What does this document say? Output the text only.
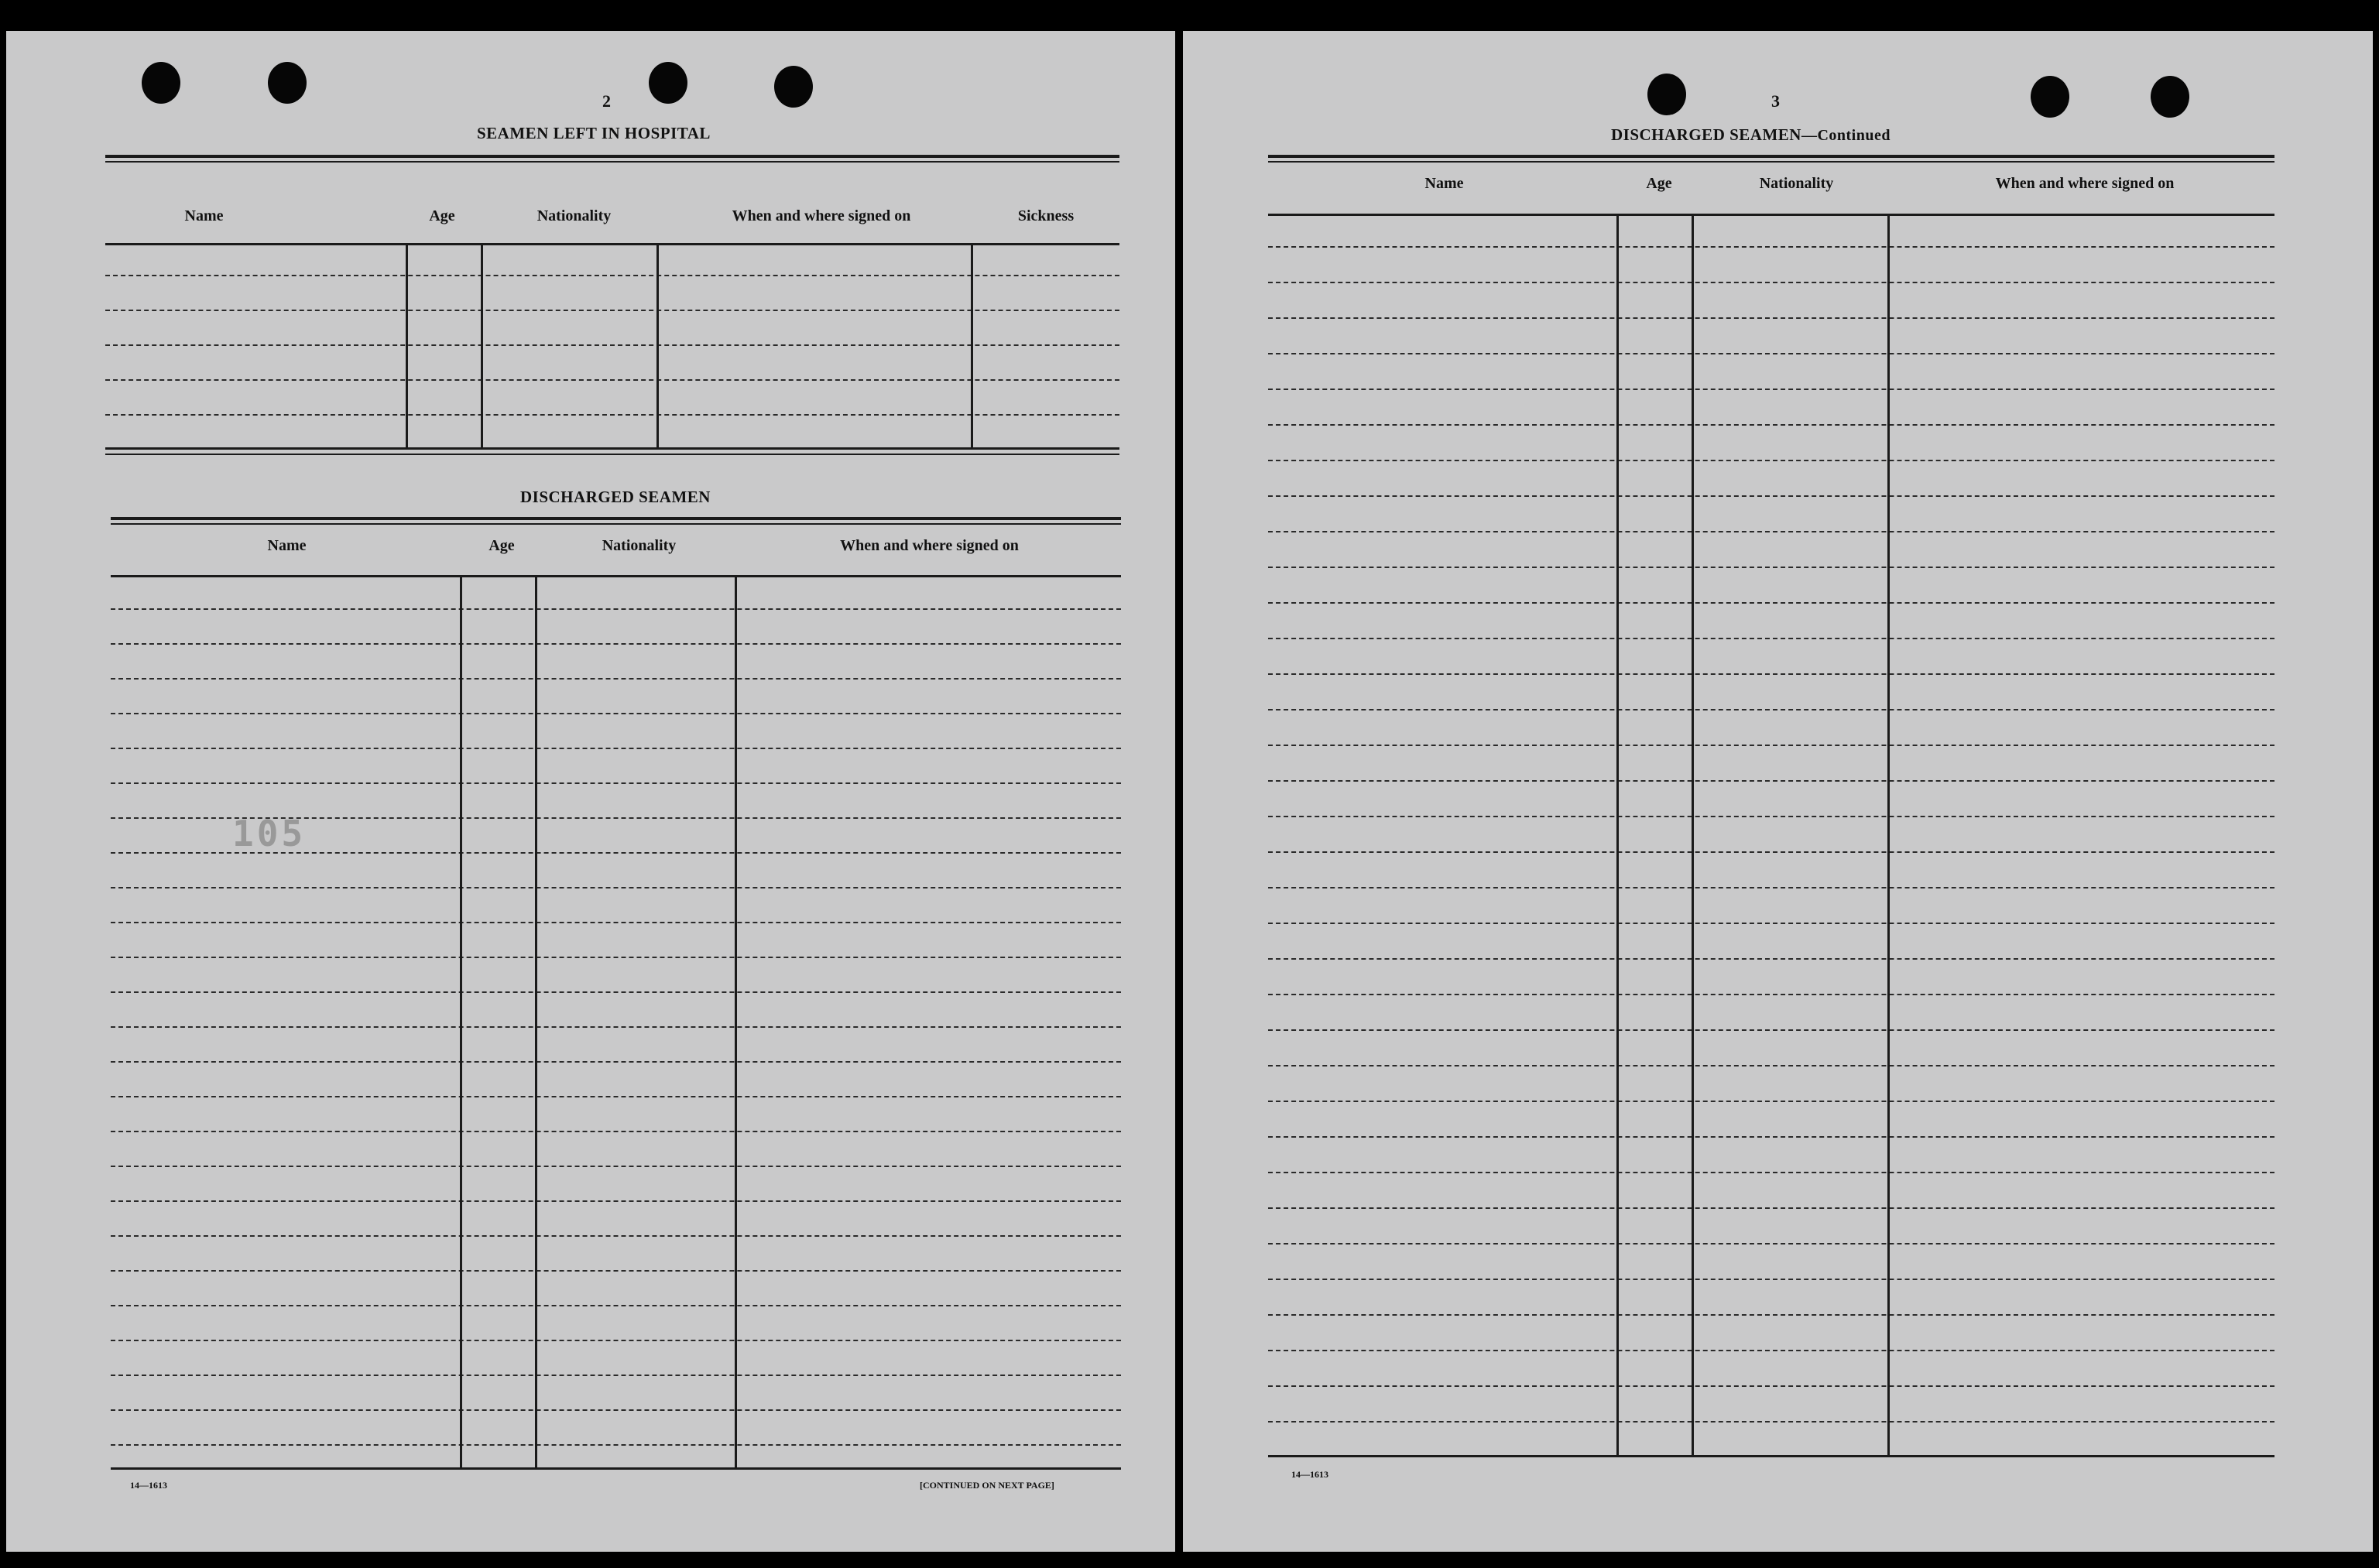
2
SEAMEN LEFT IN HOSPITAL
Name	Age	Nationality	When and where signed on	Sickness
DISCHARGED SEAMEN
Name	Age	Nationality	When and where signed on
105
14—1613	[CONTINUED ON NEXT PAGE]
3
DISCHARGED SEAMEN—Continued
Name	Age	Nationality	When and where signed on
14—1613
